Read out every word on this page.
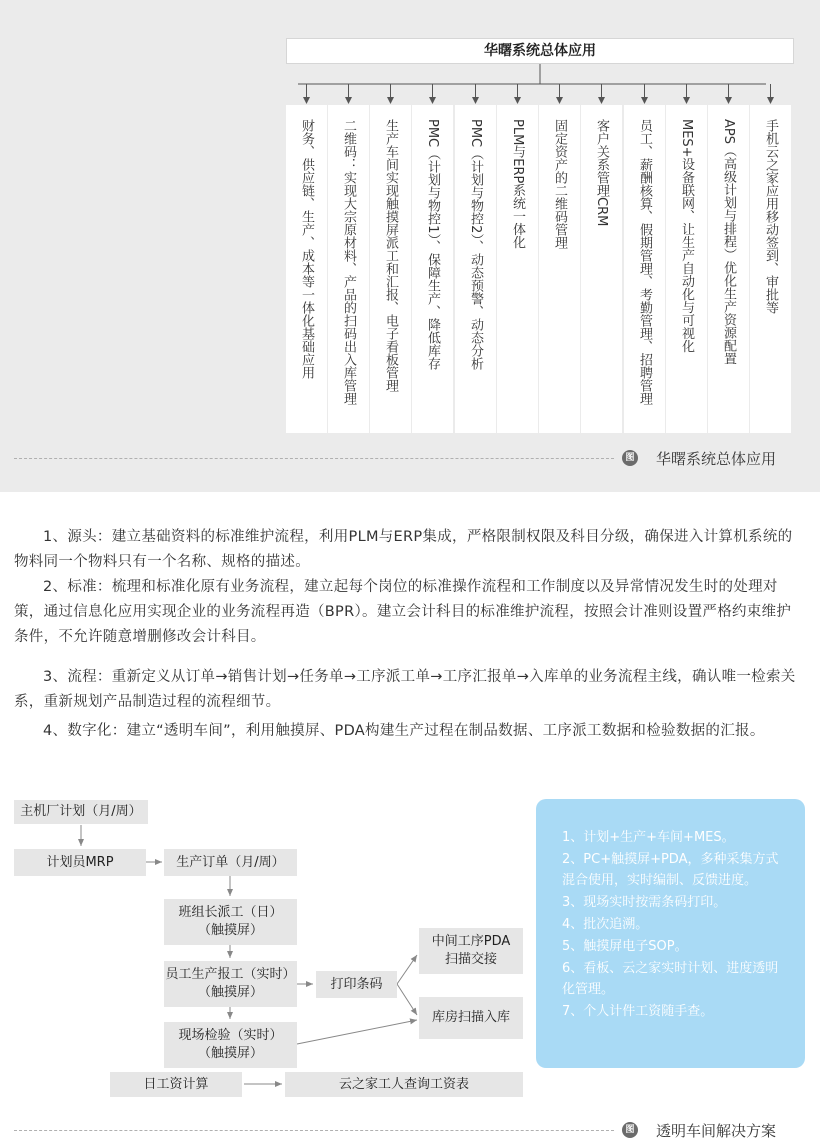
华曙系统总体应用
财务、供应链、生产、成本等一体化基础应用	二维码：实现大宗原材料、产品的扫码出入库管理	生产车间实现触摸屏派工和汇报、电子看板管理	PMC（计划与物控1）、保障生产、降低库存	PMC（计划与物控2）、动态预警、动态分析	PLM与ERP系统一体化	固定资产的二维码管理	客户关系管理CRM	员工、薪酬核算、假期管理、考勤管理、招聘管理	MES+设备联网、让生产自动化与可视化	APS（高级计划与排程）优化生产资源配置	手机云之家应用移动签到、审批等
图 华曙系统总体应用

1、源头：建立基础资料的标准维护流程，利用PLM与ERP集成，严格限制权限及科目分级，确保进入计算机系统的物料同一个物料只有一个名称、规格的描述。

2、标准：梳理和标准化原有业务流程，建立起每个岗位的标准操作流程和工作制度以及异常情况发生时的处理对策，通过信息化应用实现企业的业务流程再造（BPR）。建立会计科目的标准维护流程，按照会计准则设置严格约束维护条件，不允许随意增删修改会计科目。

3、流程：重新定义从订单→销售计划→任务单→工序派工单→工序汇报单→入库单的业务流程主线，确认唯一检索关系，重新规划产品制造过程的流程细节。

4、数字化：建立“透明车间”，利用触摸屏、PDA构建生产过程在制品数据、工序派工数据和检验数据的汇报。

主机厂计划（月/周）
计划员MRP	生产订单（月/周）
班组长派工（日）
（触摸屏）
员工生产报工（实时）
（触摸屏）
现场检验（实时）
（触摸屏）
打印条码
中间工序PDA
扫描交接
库房扫描入库
日工资计算	云之家工人查询工资表
1、计划+生产+车间+MES。
2、PC+触摸屏+PDA，多种采集方式混合使用，实时编制、反馈进度。
3、现场实时按需条码打印。
4、批次追溯。
5、触摸屏电子SOP。
6、看板、云之家实时计划、进度透明化管理。
7、个人计件工资随手查。
图 透明车间解决方案
